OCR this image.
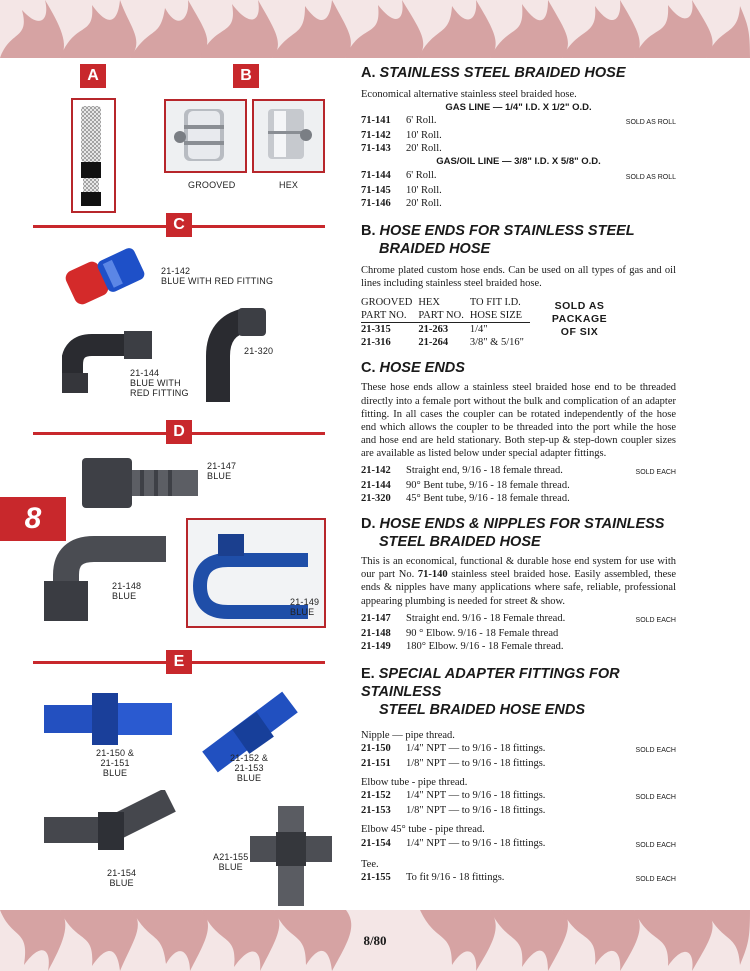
8
A	B
GROOVED	HEX
C
21-142
BLUE WITH RED FITTING
21-320
21-144
BLUE WITH
RED FITTING
D
21-147
BLUE
21-148
BLUE
21-149
BLUE
E
21-150 &
21-151
BLUE
21-152 &
21-153
BLUE
21-154
BLUE
A21-155
BLUE
A. STAINLESS STEEL BRAIDED HOSE
Economical alternative stainless steel braided hose.
GAS LINE — 1/4" I.D. X 1/2" O.D.
71-141	6' Roll.	SOLD AS ROLL
71-142	10' Roll.
71-143	20' Roll.
GAS/OIL LINE — 3/8" I.D. X 5/8" O.D.
71-144	6' Roll.	SOLD AS ROLL
71-145	10' Roll.
71-146	20' Roll.
B. HOSE ENDS FOR STAINLESS STEEL
BRAIDED HOSE
Chrome plated custom hose ends. Can be used on all types of gas and oil lines including stainless steel braided hose.
GROOVED	HEX	TO FIT I.D.
PART NO.	PART NO.	HOSE SIZE
21-315	21-263	1/4"
21-316	21-264	3/8" & 5/16"
SOLD AS
PACKAGE
OF SIX
C. HOSE ENDS
These hose ends allow a stainless steel braided hose end to be threaded directly into a female port without the bulk and complication of an adapter fitting. In all cases the coupler can be rotated independently of the hose end which allows the coupler to be threaded into the port while the hose and hose end are held stationary. Both step-up & step-down coupler sizes are available as listed below under special adapter fittings.
21-142	Straight end, 9/16 - 18 female thread.	SOLD EACH
21-144	90° Bent tube, 9/16 - 18 female thread.
21-320	45° Bent tube, 9/16 - 18 female thread.
D. HOSE ENDS & NIPPLES FOR STAINLESS
STEEL BRAIDED HOSE
This is an economical, functional & durable hose end system for use with our part No. 71-140 stainless steel braided hose. Easily assembled, these ends & nipples have many applications where safe, reliable, professional appearing plumbing is needed for street & show.
21-147	Straight end. 9/16 - 18 Female thread.	SOLD EACH
21-148	90 ° Elbow. 9/16 - 18 Female thread
21-149	180° Elbow. 9/16 - 18 Female thread.
E. SPECIAL ADAPTER FITTINGS FOR STAINLESS
STEEL BRAIDED HOSE ENDS
Nipple — pipe thread.
21-150	1/4" NPT — to 9/16 - 18 fittings.	SOLD EACH
21-151	1/8" NPT — to 9/16 - 18 fittings.
Elbow tube - pipe thread.
21-152	1/4" NPT — to 9/16 - 18 fittings.	SOLD EACH
21-153	1/8" NPT — to 9/16 - 18 fittings.
Elbow 45° tube - pipe thread.
21-154	1/4" NPT — to 9/16 - 18 fittings.	SOLD EACH
Tee.
21-155	To fit 9/16 - 18 fittings.	SOLD EACH
8/80
